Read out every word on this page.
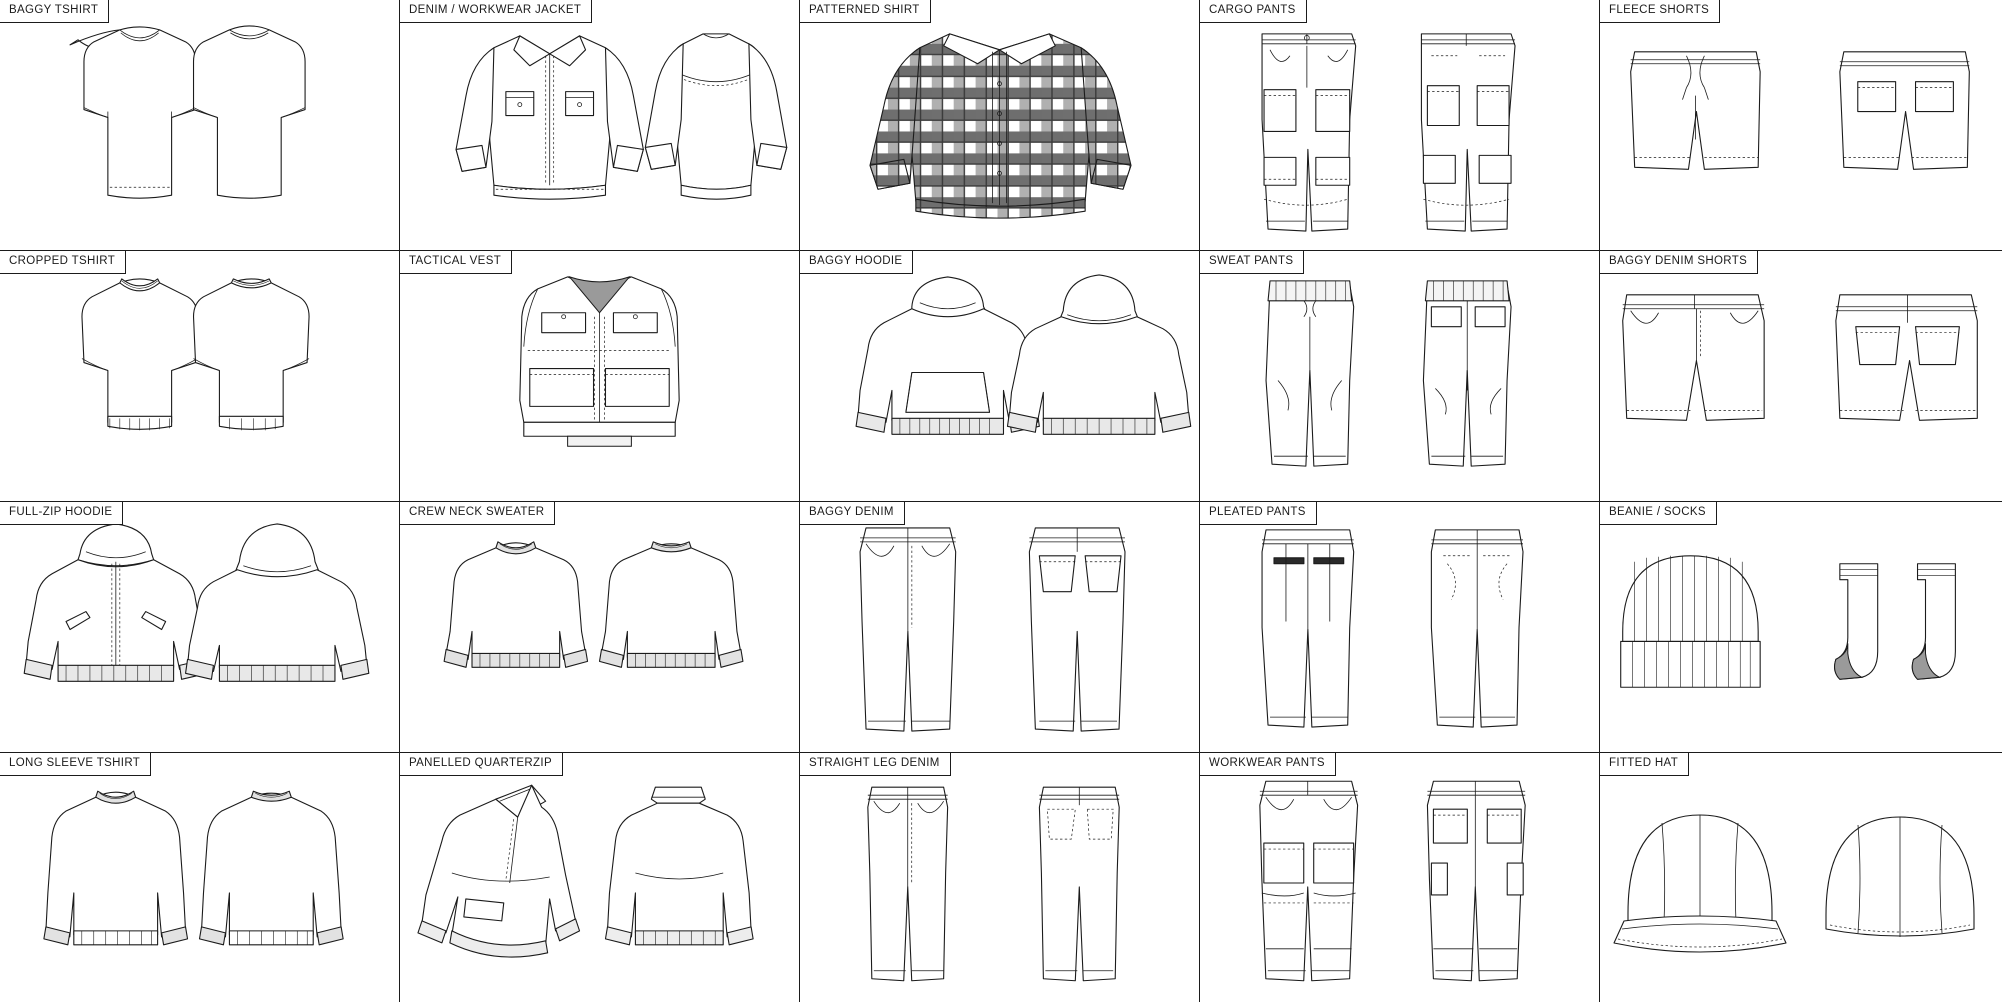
BAGGY TSHIRT	DENIM / WORKWEAR JACKET	PATTERNED SHIRT	CARGO PANTS	FLEECE SHORTS
CROPPED TSHIRT	TACTICAL VEST	BAGGY HOODIE	SWEAT PANTS	BAGGY DENIM SHORTS
FULL-ZIP HOODIE	CREW NECK SWEATER	BAGGY DENIM	PLEATED PANTS	BEANIE / SOCKS
LONG SLEEVE TSHIRT	PANELLED QUARTERZIP	STRAIGHT LEG DENIM	WORKWEAR PANTS	FITTED HAT
